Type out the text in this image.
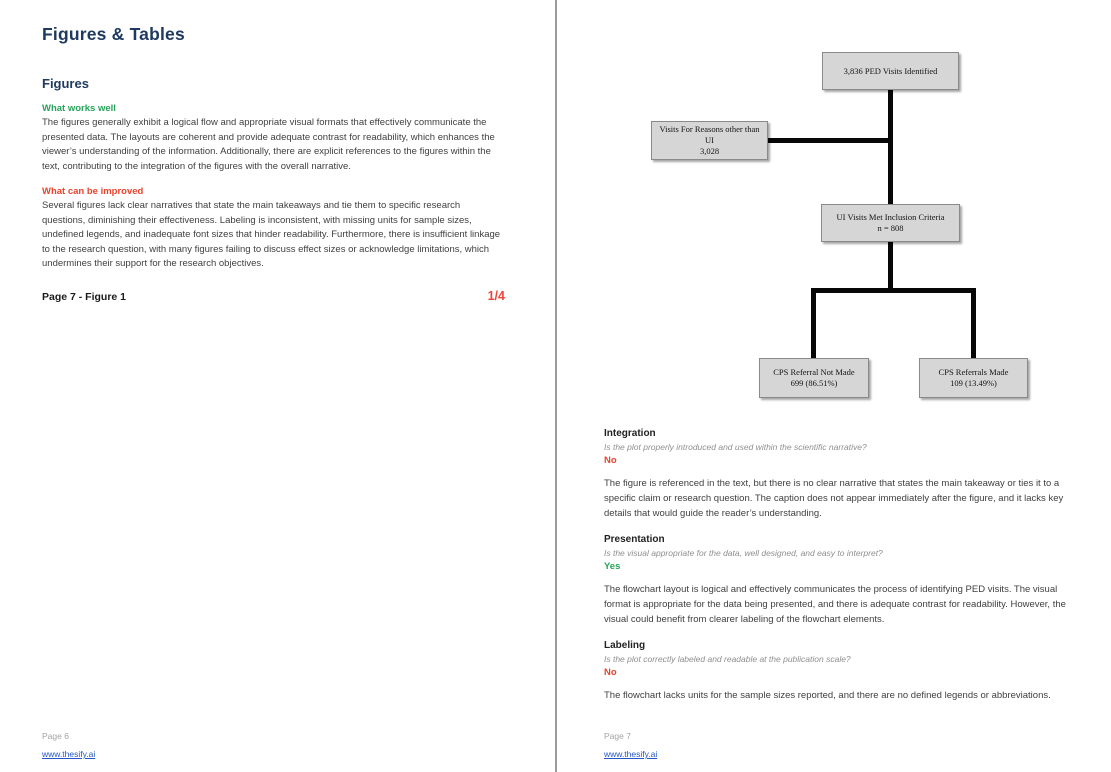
Figures & Tables
Figures
What works well

The figures generally exhibit a logical flow and appropriate visual formats that effectively communicate the presented data. The layouts are coherent and provide adequate contrast for readability, which enhances the viewer’s understanding of the information. Additionally, there are explicit references to the figures within the text, contributing to the integration of the figures with the overall narrative.

What can be improved

Several figures lack clear narratives that state the main takeaways and tie them to specific research questions, diminishing their effectiveness. Labeling is inconsistent, with missing units for sample sizes, undefined legends, and inadequate font sizes that hinder readability. Furthermore, there is insufficient linkage to the research question, with many figures failing to discuss effect sizes or acknowledge limitations, which undermines their support for the research objectives.

Page 7 - Figure 1	1/4
Page 6
www.thesify.ai
3,836 PED Visits Identified
Visits For Reasons other than UI
3,028
UI Visits Met Inclusion Criteria
n = 808
CPS Referral Not Made
699 (86.51%)
CPS Referrals Made
109 (13.49%)
Integration
Is the plot properly introduced and used within the scientific narrative?
No

The figure is referenced in the text, but there is no clear narrative that states the main takeaway or ties it to a specific claim or research question. The caption does not appear immediately after the figure, and it lacks key details that would guide the reader’s understanding.

Presentation
Is the visual appropriate for the data, well designed, and easy to interpret?
Yes

The flowchart layout is logical and effectively communicates the process of identifying PED visits. The visual format is appropriate for the data being presented, and there is adequate contrast for readability. However, the visual could benefit from clearer labeling of the flowchart elements.

Labeling
Is the plot correctly labeled and readable at the publication scale?
No

The flowchart lacks units for the sample sizes reported, and there are no defined legends or abbreviations.

Page 7
www.thesify.ai
